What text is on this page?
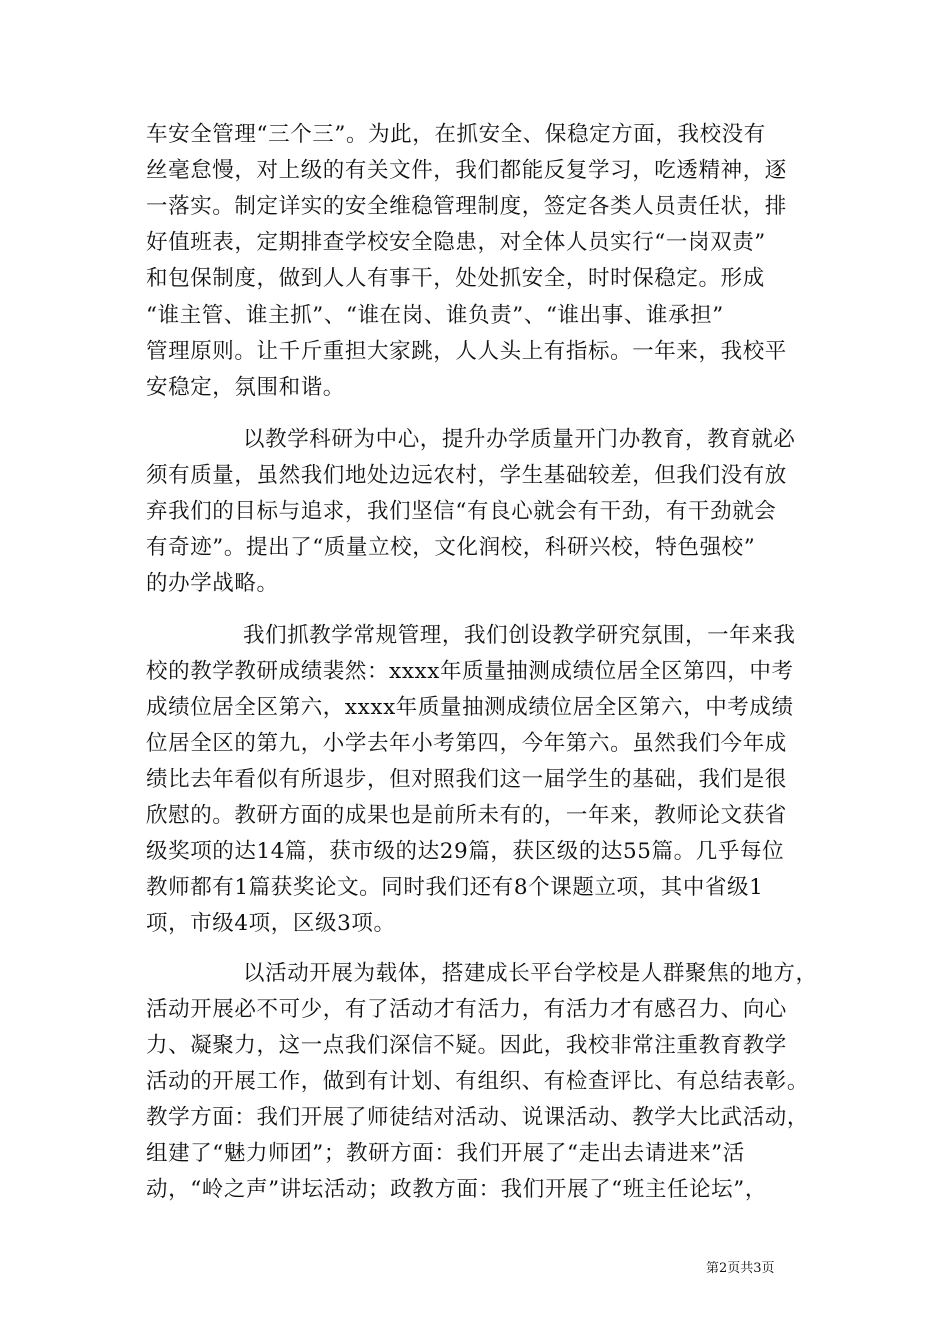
车安全管理“三个三”。为此，在抓安全、保稳定方面，我校没有
丝毫怠慢，对上级的有关文件，我们都能反复学习，吃透精神，逐
一落实。制定详实的安全维稳管理制度，签定各类人员责任状，排
好值班表，定期排查学校安全隐患，对全体人员实行“一岗双责”
和包保制度，做到人人有事干，处处抓安全，时时保稳定。形成
“谁主管、谁主抓”、“谁在岗、谁负责”、“谁出事、谁承担”
管理原则。让千斤重担大家跳，人人头上有指标。一年来，我校平
安稳定，氛围和谐。
以教学科研为中心，提升办学质量开门办教育，教育就必
须有质量，虽然我们地处边远农村，学生基础较差，但我们没有放
弃我们的目标与追求，我们坚信“有良心就会有干劲，有干劲就会
有奇迹”。提出了“质量立校，文化润校，科研兴校，特色强校”
的办学战略。
我们抓教学常规管理，我们创设教学研究氛围，一年来我
校的教学教研成绩裴然：xxxx年质量抽测成绩位居全区第四，中考
成绩位居全区第六，xxxx年质量抽测成绩位居全区第六，中考成绩
位居全区的第九，小学去年小考第四，今年第六。虽然我们今年成
绩比去年看似有所退步，但对照我们这一届学生的基础，我们是很
欣慰的。教研方面的成果也是前所未有的，一年来，教师论文获省
级奖项的达14篇，获市级的达29篇，获区级的达55篇。几乎每位
教师都有1篇获奖论文。同时我们还有8个课题立项，其中省级1
项，市级4项，区级3项。
以活动开展为载体，搭建成长平台学校是人群聚焦的地方，
活动开展必不可少，有了活动才有活力，有活力才有感召力、向心
力、凝聚力，这一点我们深信不疑。因此，我校非常注重教育教学
活动的开展工作，做到有计划、有组织、有检查评比、有总结表彰。
教学方面：我们开展了师徒结对活动、说课活动、教学大比武活动，
组建了“魅力师团”；教研方面：我们开展了“走出去请进来”活
动，“岭之声”讲坛活动；政教方面：我们开展了“班主任论坛”，
第2页共3页
